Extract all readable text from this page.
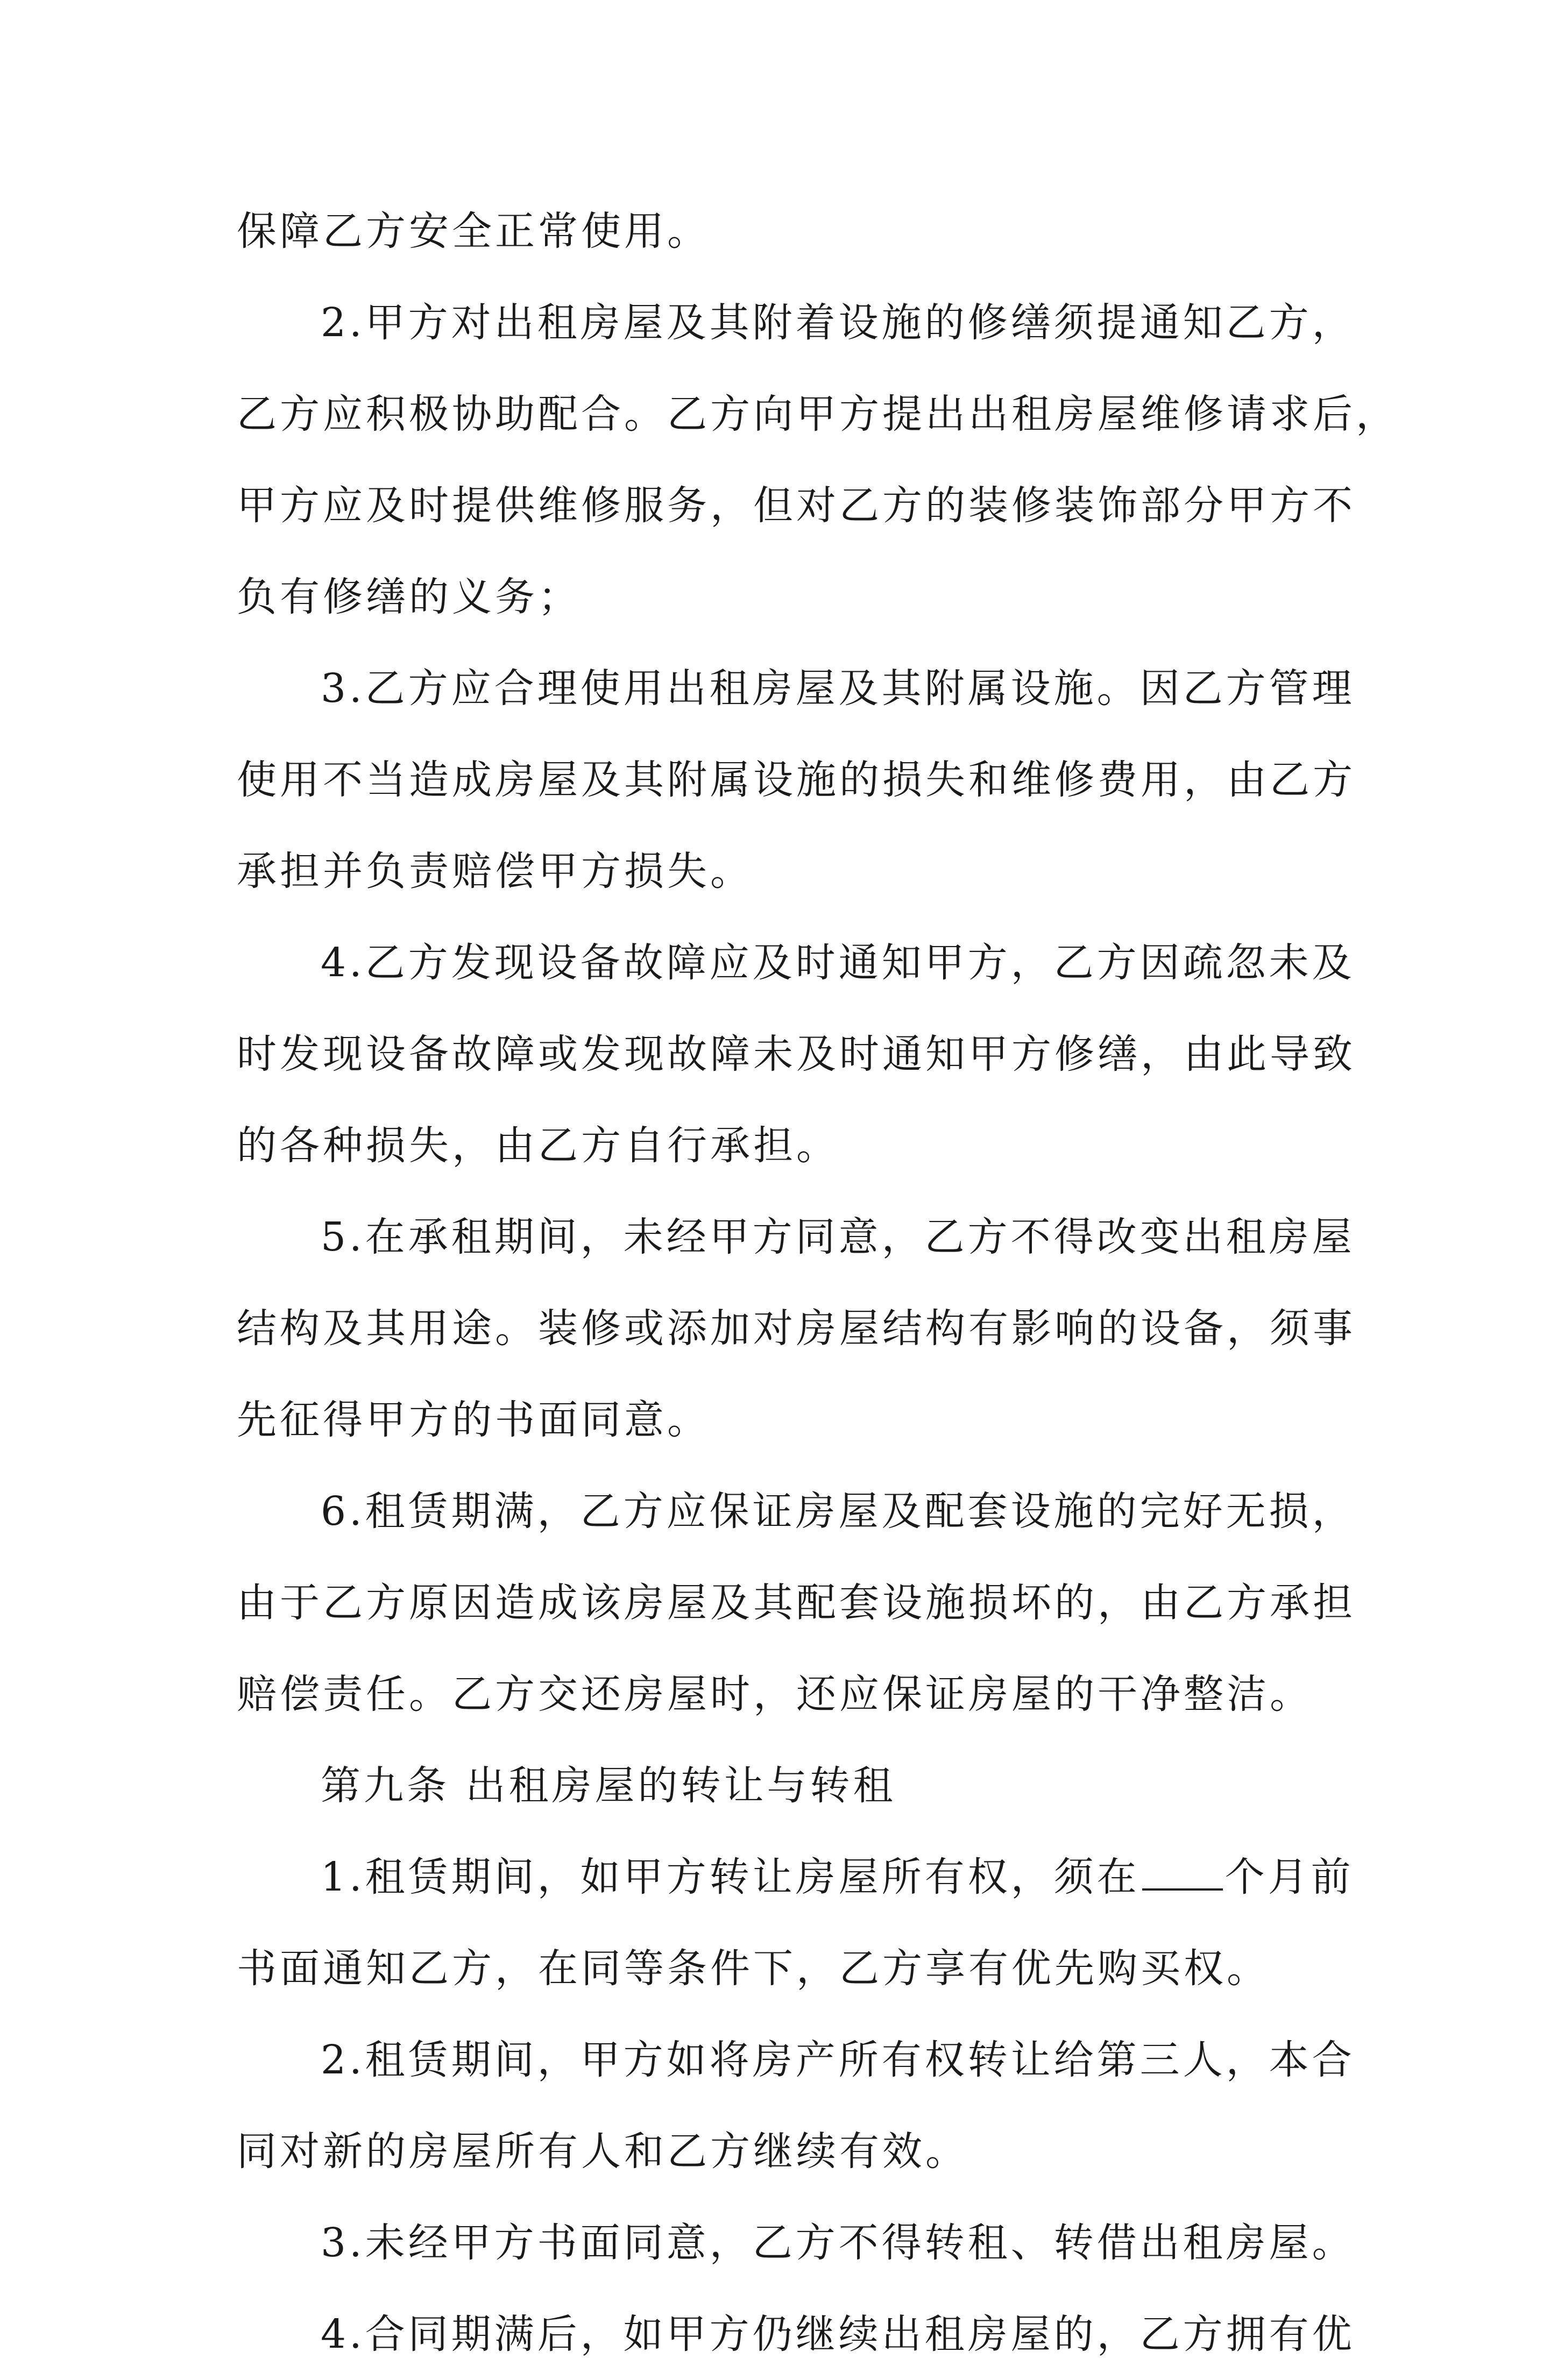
保障乙方安全正常使用。
2.甲方对出租房屋及其附着设施的修缮须提通知乙方，
乙方应积极协助配合。乙方向甲方提出出租房屋维修请求后，
甲方应及时提供维修服务，但对乙方的装修装饰部分甲方不
负有修缮的义务；
3.乙方应合理使用出租房屋及其附属设施。因乙方管理
使用不当造成房屋及其附属设施的损失和维修费用，由乙方
承担并负责赔偿甲方损失。
4.乙方发现设备故障应及时通知甲方，乙方因疏忽未及
时发现设备故障或发现故障未及时通知甲方修缮，由此导致
的各种损失，由乙方自行承担。
5.在承租期间，未经甲方同意，乙方不得改变出租房屋
结构及其用途。装修或添加对房屋结构有影响的设备，须事
先征得甲方的书面同意。
6.租赁期满，乙方应保证房屋及配套设施的完好无损，
由于乙方原因造成该房屋及其配套设施损坏的，由乙方承担
赔偿责任。乙方交还房屋时，还应保证房屋的干净整洁。
第九条 出租房屋的转让与转租
1.租赁期间，如甲方转让房屋所有权，须在 个月前
书面通知乙方，在同等条件下，乙方享有优先购买权。
2.租赁期间，甲方如将房产所有权转让给第三人，本合
同对新的房屋所有人和乙方继续有效。
3.未经甲方书面同意，乙方不得转租、转借出租房屋。
4.合同期满后，如甲方仍继续出租房屋的，乙方拥有优
